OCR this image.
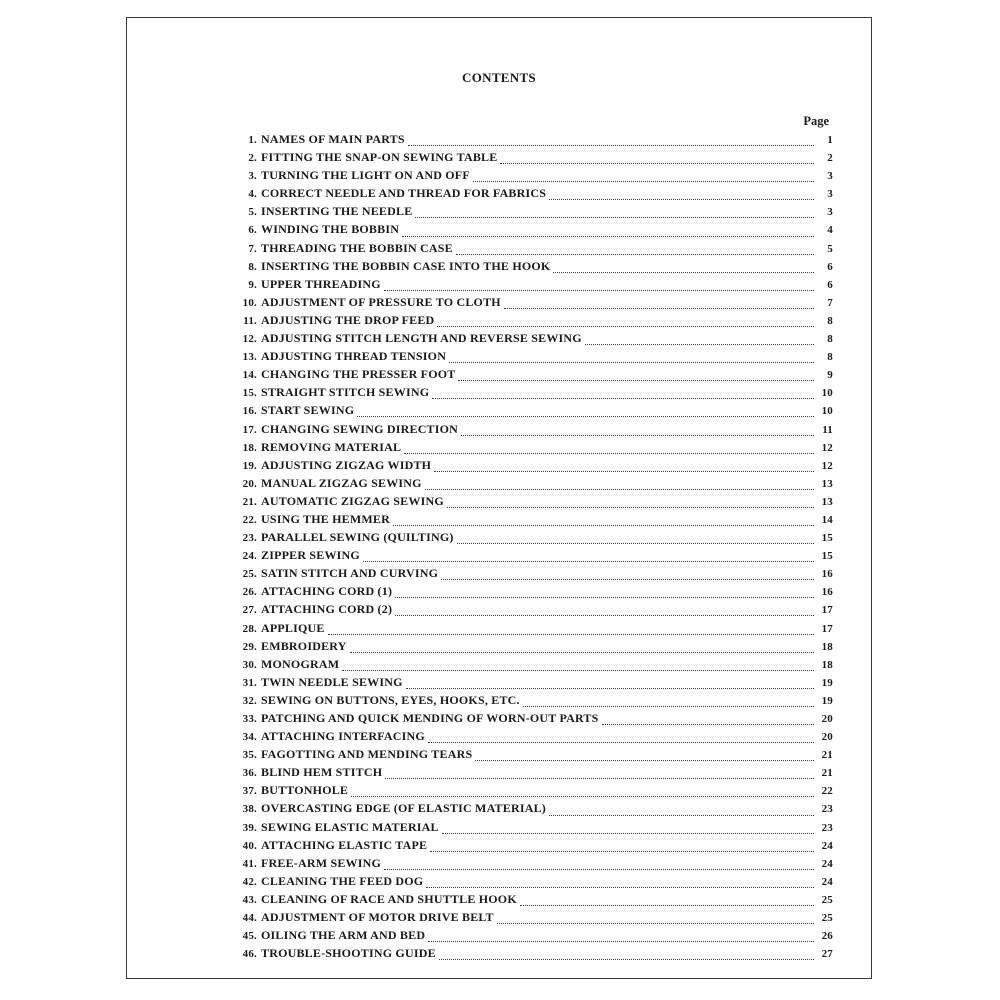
CONTENTS
Page
1. NAMES OF MAIN PARTS	1
2. FITTING THE SNAP-ON SEWING TABLE	2
3. TURNING THE LIGHT ON AND OFF	3
4. CORRECT NEEDLE AND THREAD FOR FABRICS	3
5. INSERTING THE NEEDLE	3
6. WINDING THE BOBBIN	4
7. THREADING THE BOBBIN CASE	5
8. INSERTING THE BOBBIN CASE INTO THE HOOK	6
9. UPPER THREADING	6
10. ADJUSTMENT OF PRESSURE TO CLOTH	7
11. ADJUSTING THE DROP FEED	8
12. ADJUSTING STITCH LENGTH AND REVERSE SEWING	8
13. ADJUSTING THREAD TENSION	8
14. CHANGING THE PRESSER FOOT	9
15. STRAIGHT STITCH SEWING	10
16. START SEWING	10
17. CHANGING SEWING DIRECTION	11
18. REMOVING MATERIAL	12
19. ADJUSTING ZIGZAG WIDTH	12
20. MANUAL ZIGZAG SEWING	13
21. AUTOMATIC ZIGZAG SEWING	13
22. USING THE HEMMER	14
23. PARALLEL SEWING (QUILTING)	15
24. ZIPPER SEWING	15
25. SATIN STITCH AND CURVING	16
26. ATTACHING CORD (1)	16
27. ATTACHING CORD (2)	17
28. APPLIQUE	17
29. EMBROIDERY	18
30. MONOGRAM	18
31. TWIN NEEDLE SEWING	19
32. SEWING ON BUTTONS, EYES, HOOKS, ETC.	19
33. PATCHING AND QUICK MENDING OF WORN-OUT PARTS	20
34. ATTACHING INTERFACING	20
35. FAGOTTING AND MENDING TEARS	21
36. BLIND HEM STITCH	21
37. BUTTONHOLE	22
38. OVERCASTING EDGE (OF ELASTIC MATERIAL)	23
39. SEWING ELASTIC MATERIAL	23
40. ATTACHING ELASTIC TAPE	24
41. FREE-ARM SEWING	24
42. CLEANING THE FEED DOG	24
43. CLEANING OF RACE AND SHUTTLE HOOK	25
44. ADJUSTMENT OF MOTOR DRIVE BELT	25
45. OILING THE ARM AND BED	26
46. TROUBLE-SHOOTING GUIDE	27
